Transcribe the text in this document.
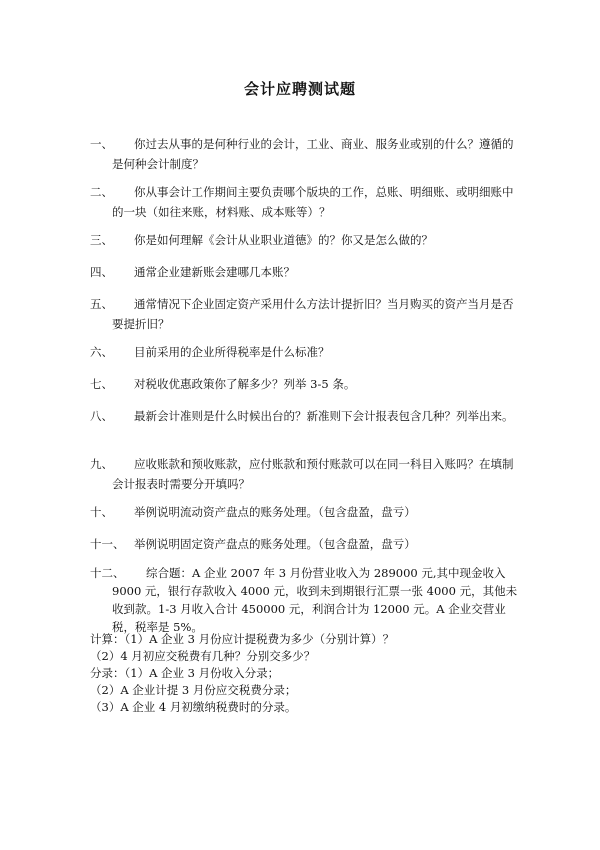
会计应聘测试题
一、	你过去从事的是何种行业的会计，工业、商业、服务业或别的什么？遵循的是何种会计制度？
二、	你从事会计工作期间主要负责哪个版块的工作，总账、明细账、或明细账中的一块（如往来账，材料账、成本账等）？
三、	你是如何理解《会计从业职业道德》的？你又是怎么做的？
四、	通常企业建新账会建哪几本账？
五、	通常情况下企业固定资产采用什么方法计提折旧？当月购买的资产当月是否要提折旧？
六、	目前采用的企业所得税率是什么标准？
七、	对税收优惠政策你了解多少？列举 3-5 条。
八、	最新会计准则是什么时候出台的？新准则下会计报表包含几种？列举出来。
九、	应收账款和预收账款，应付账款和预付账款可以在同一科目入账吗？在填制会计报表时需要分开填吗？
十、	举例说明流动资产盘点的账务处理。（包含盘盈，盘亏）
十一、 举例说明固定资产盘点的账务处理。（包含盘盈，盘亏）
十二、	综合题：A 企业 2007 年 3 月份营业收入为 289000 元,其中现金收入 9000 元，银行存款收入 4000 元，收到未到期银行汇票一张 4000 元，其他未收到款。1-3 月收入合计 450000 元，利润合计为 12000 元。A 企业交营业税，税率是 5%。
计算：（1）A 企业 3 月份应计提税费为多少（分别计算）？
（2）4 月初应交税费有几种？分别交多少？
分录：（1）A 企业 3 月份收入分录；
（2）A 企业计提 3 月份应交税费分录；
（3）A 企业 4 月初缴纳税费时的分录。
